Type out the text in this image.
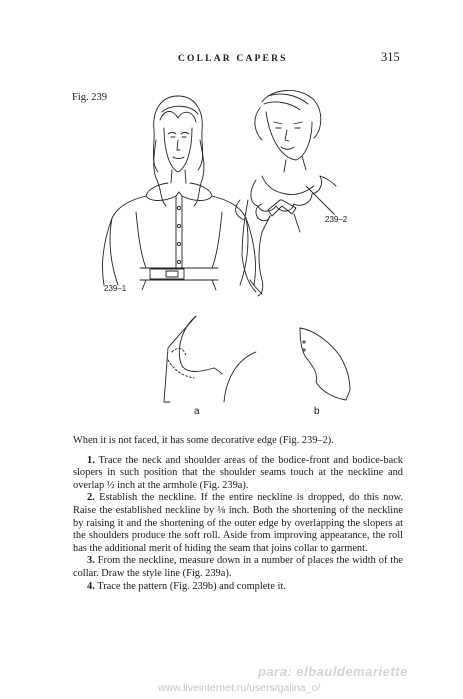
COLLAR CAPERS	315
Fig. 239
239–1
239–2
a	b

When it is not faced, it has some decorative edge (Fig. 239–2).

1. Trace the neck and shoulder areas of the bodice-front and bodice-back slopers in such position that the shoulder seams touch at the neckline and overlap ½ inch at the armhole (Fig. 239a).

2. Establish the neckline. If the entire neckline is dropped, do this now. Raise the established neckline by ⅛ inch. Both the shortening of the neckline by raising it and the shortening of the outer edge by overlapping the slopers at the shoulders produce the soft roll. Aside from improving appearance, the roll has the additional merit of hiding the seam that joins collar to garment.

3. From the neckline, measure down in a number of places the width of the collar. Draw the style line (Fig. 239a).

4. Trace the pattern (Fig. 239b) and complete it.

para: elbauldemariette
www.liveinternet.ru/users/galina_o/
